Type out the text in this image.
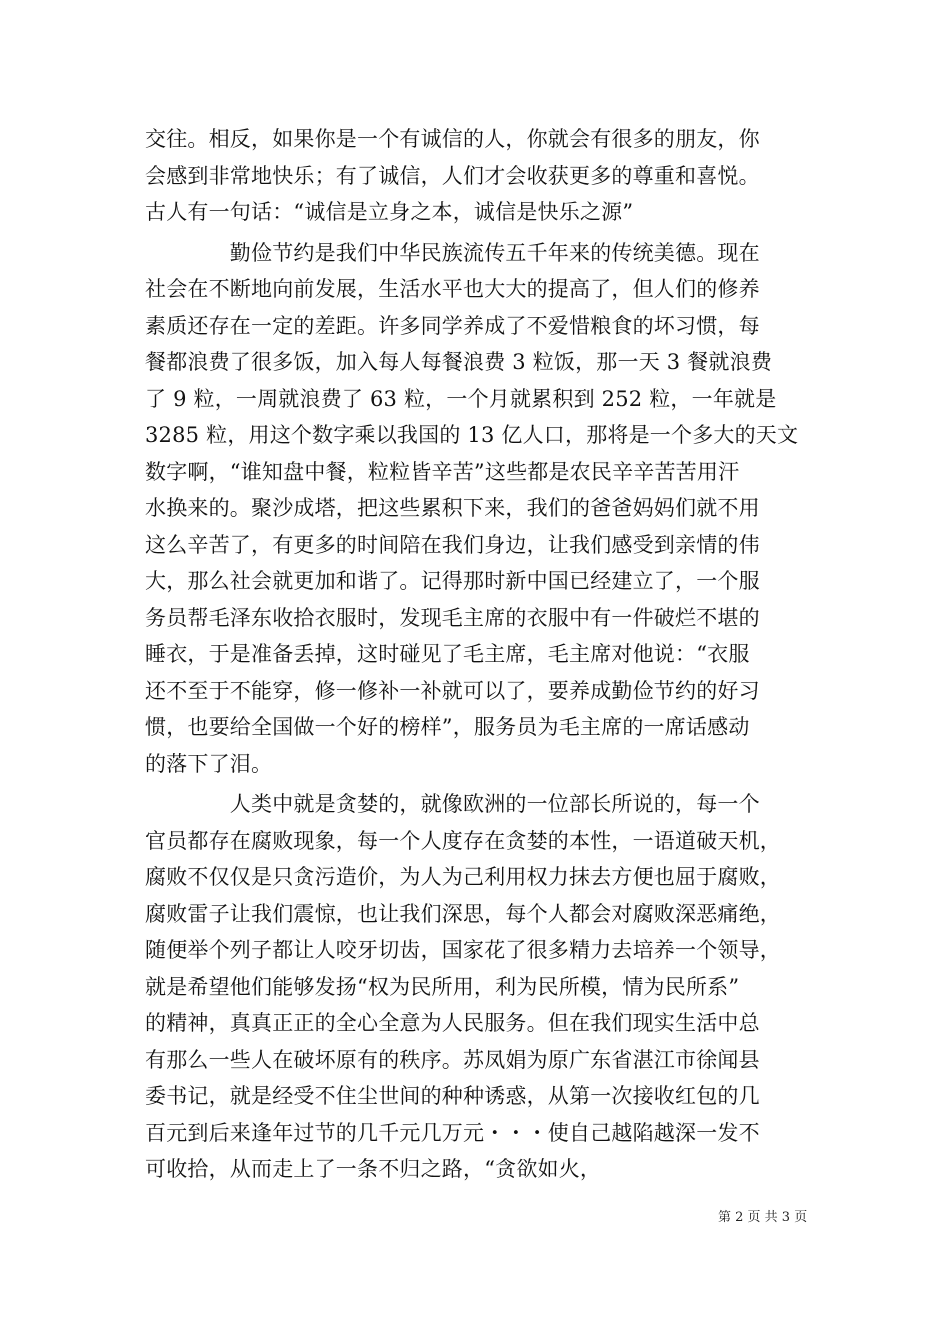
交往。相反，如果你是一个有诚信的人，你就会有很多的朋友，你
会感到非常地快乐；有了诚信，人们才会收获更多的尊重和喜悦。
古人有一句话：“诚信是立身之本，诚信是快乐之源”
　　　　勤俭节约是我们中华民族流传五千年来的传统美德。现在
社会在不断地向前发展，生活水平也大大的提高了，但人们的修养
素质还存在一定的差距。许多同学养成了不爱惜粮食的坏习惯，每
餐都浪费了很多饭，加入每人每餐浪费 3 粒饭，那一天 3 餐就浪费
了 9 粒，一周就浪费了 63 粒，一个月就累积到 252 粒，一年就是
3285 粒，用这个数字乘以我国的 13 亿人口，那将是一个多大的天文
数字啊，“谁知盘中餐，粒粒皆辛苦”这些都是农民辛辛苦苦用汗
水换来的。聚沙成塔，把这些累积下来，我们的爸爸妈妈们就不用
这么辛苦了，有更多的时间陪在我们身边，让我们感受到亲情的伟
大，那么社会就更加和谐了。记得那时新中国已经建立了，一个服
务员帮毛泽东收拾衣服时，发现毛主席的衣服中有一件破烂不堪的
睡衣，于是准备丢掉，这时碰见了毛主席，毛主席对他说：“衣服
还不至于不能穿，修一修补一补就可以了，要养成勤俭节约的好习
惯，也要给全国做一个好的榜样”，服务员为毛主席的一席话感动
的落下了泪。
　　　　人类中就是贪婪的，就像欧洲的一位部长所说的，每一个
官员都存在腐败现象，每一个人度存在贪婪的本性，一语道破天机，
腐败不仅仅是只贪污造价，为人为己利用权力抹去方便也屈于腐败，
腐败雷子让我们震惊，也让我们深思，每个人都会对腐败深恶痛绝，
随便举个列子都让人咬牙切齿，国家花了很多精力去培养一个领导，
就是希望他们能够发扬“权为民所用，利为民所模，情为民所系”
的精神，真真正正的全心全意为人民服务。但在我们现实生活中总
有那么一些人在破坏原有的秩序。苏凤娟为原广东省湛江市徐闻县
委书记，就是经受不住尘世间的种种诱惑，从第一次接收红包的几
百元到后来逢年过节的几千元几万元・・・使自己越陷越深一发不
可收拾，从而走上了一条不归之路，“贪欲如火，
第 2 页 共 3 页
